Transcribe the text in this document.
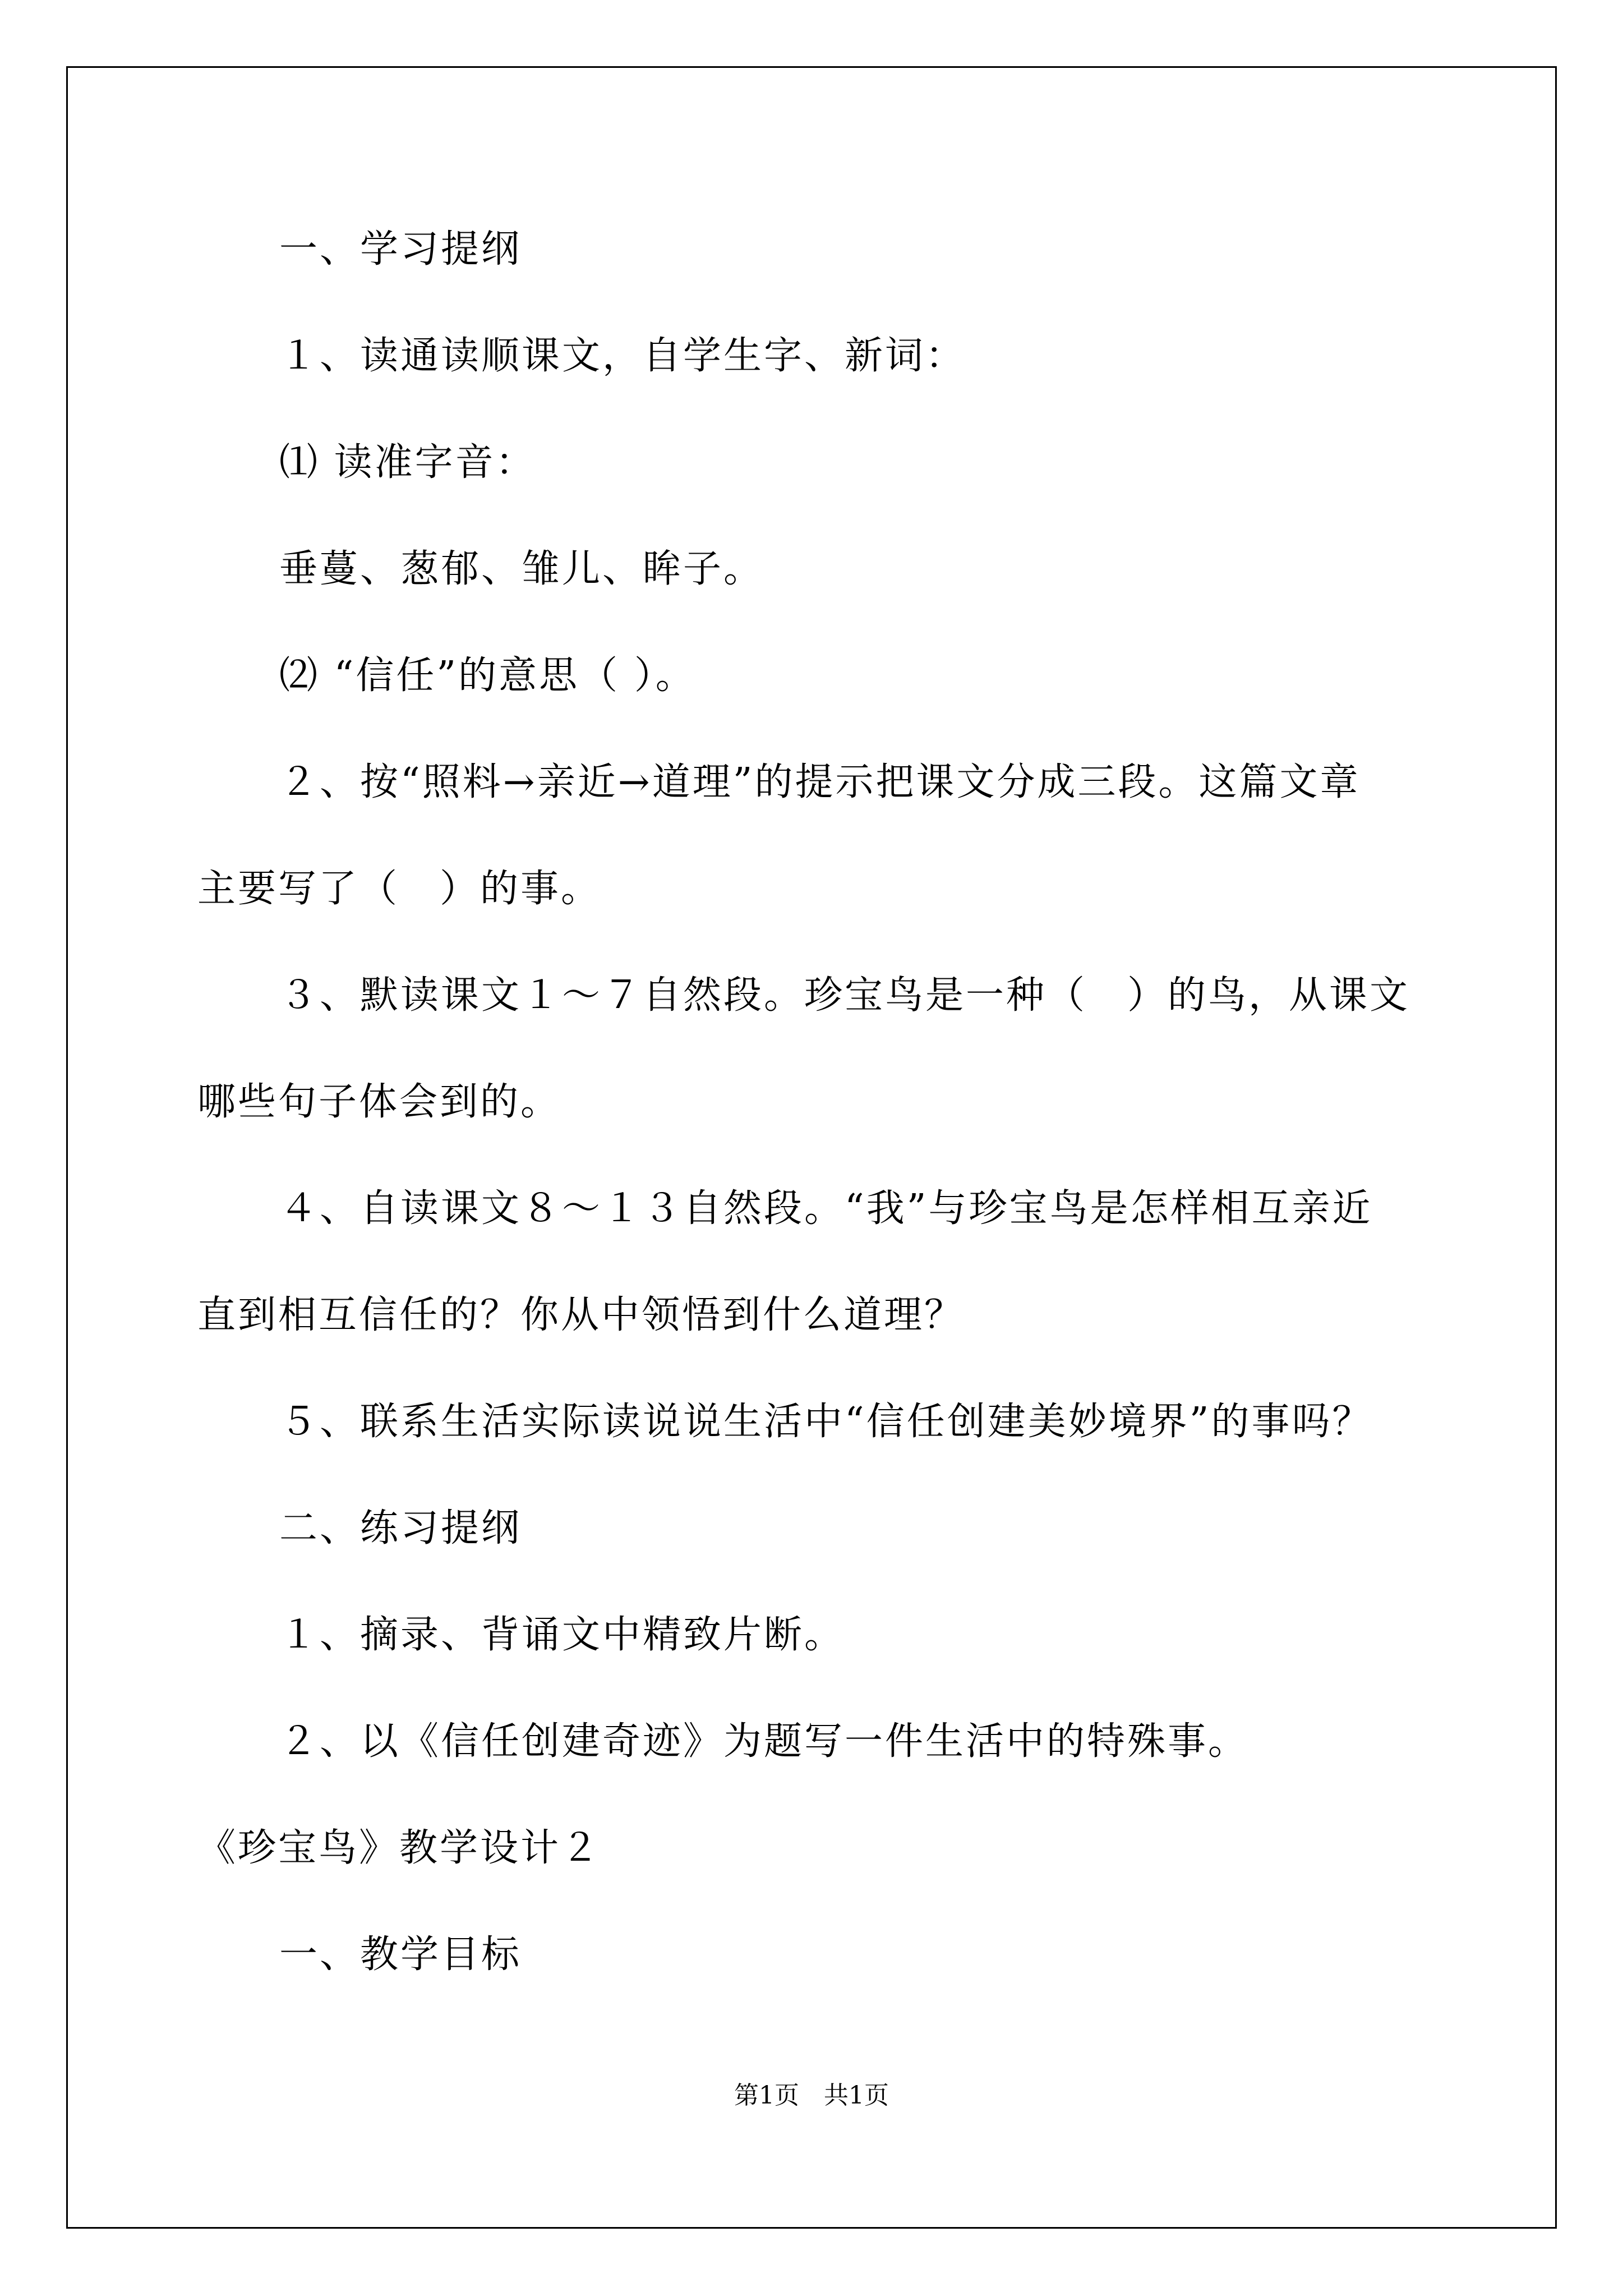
一、学习提纲
１、读通读顺课文，自学生字、新词：
⑴ 读准字音：
垂蔓、葱郁、雏儿、眸子。
⑵ “信任”的意思（ ）。
２、按“照料→亲近→道理”的提示把课文分成三段。这篇文章
主要写了（　）的事。
３、默读课文１～７自然段。珍宝鸟是一种（　）的鸟，从课文
哪些句子体会到的。
４、自读课文８～１３自然段。“我”与珍宝鸟是怎样相互亲近
直到相互信任的？你从中领悟到什么道理？
５、联系生活实际读说说生活中“信任创建美妙境界”的事吗？
二、练习提纲
１、摘录、背诵文中精致片断。
２、以《信任创建奇迹》为题写一件生活中的特殊事。
《珍宝鸟》教学设计２
一、教学目标
第1页　共1页
